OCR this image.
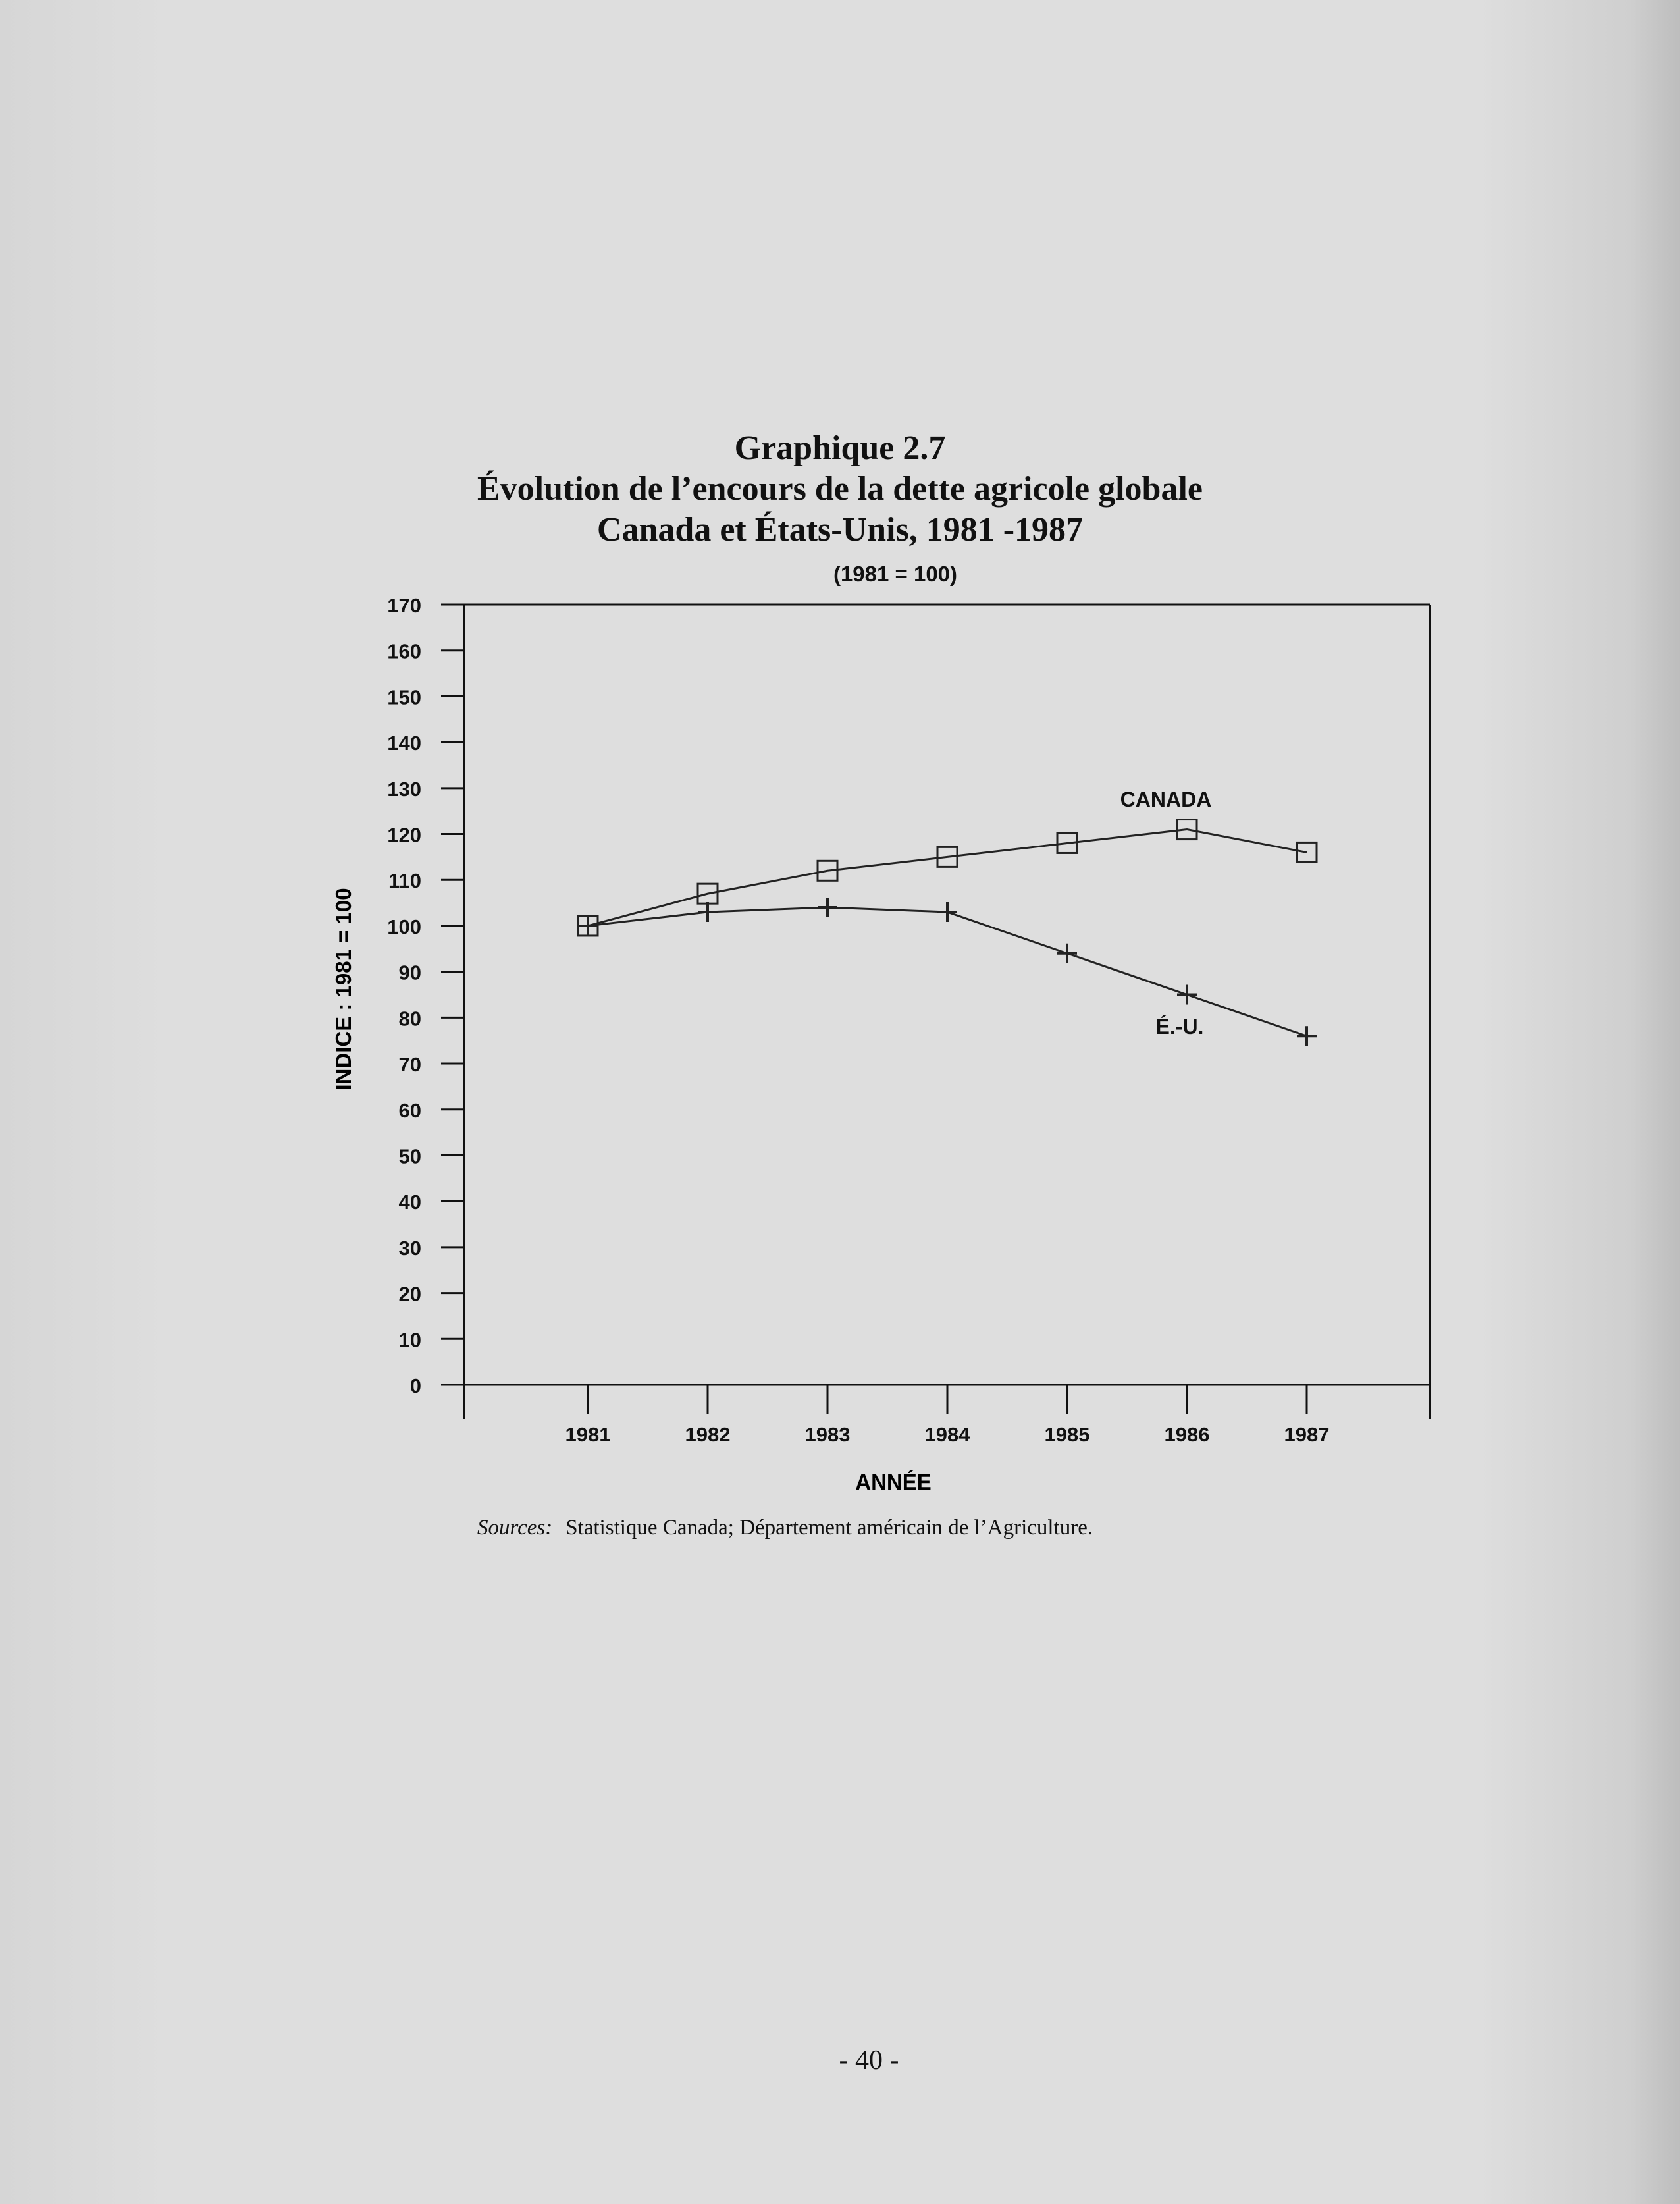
Graphique 2.7
Évolution de l’encours de la dette agricole globale
Canada et États-Unis, 1981 -1987
(1981 = 100)
0
10
20
30
40
50
60
70
80
90
100
110
120
130
140
150
160
170
1981	1982	1983	1984	1985	1986	1987
CANADA
É.-U.
INDICE : 1981 = 100
ANNÉE
Sources: Statistique Canada; Département américain de l’Agriculture.
- 40 -
